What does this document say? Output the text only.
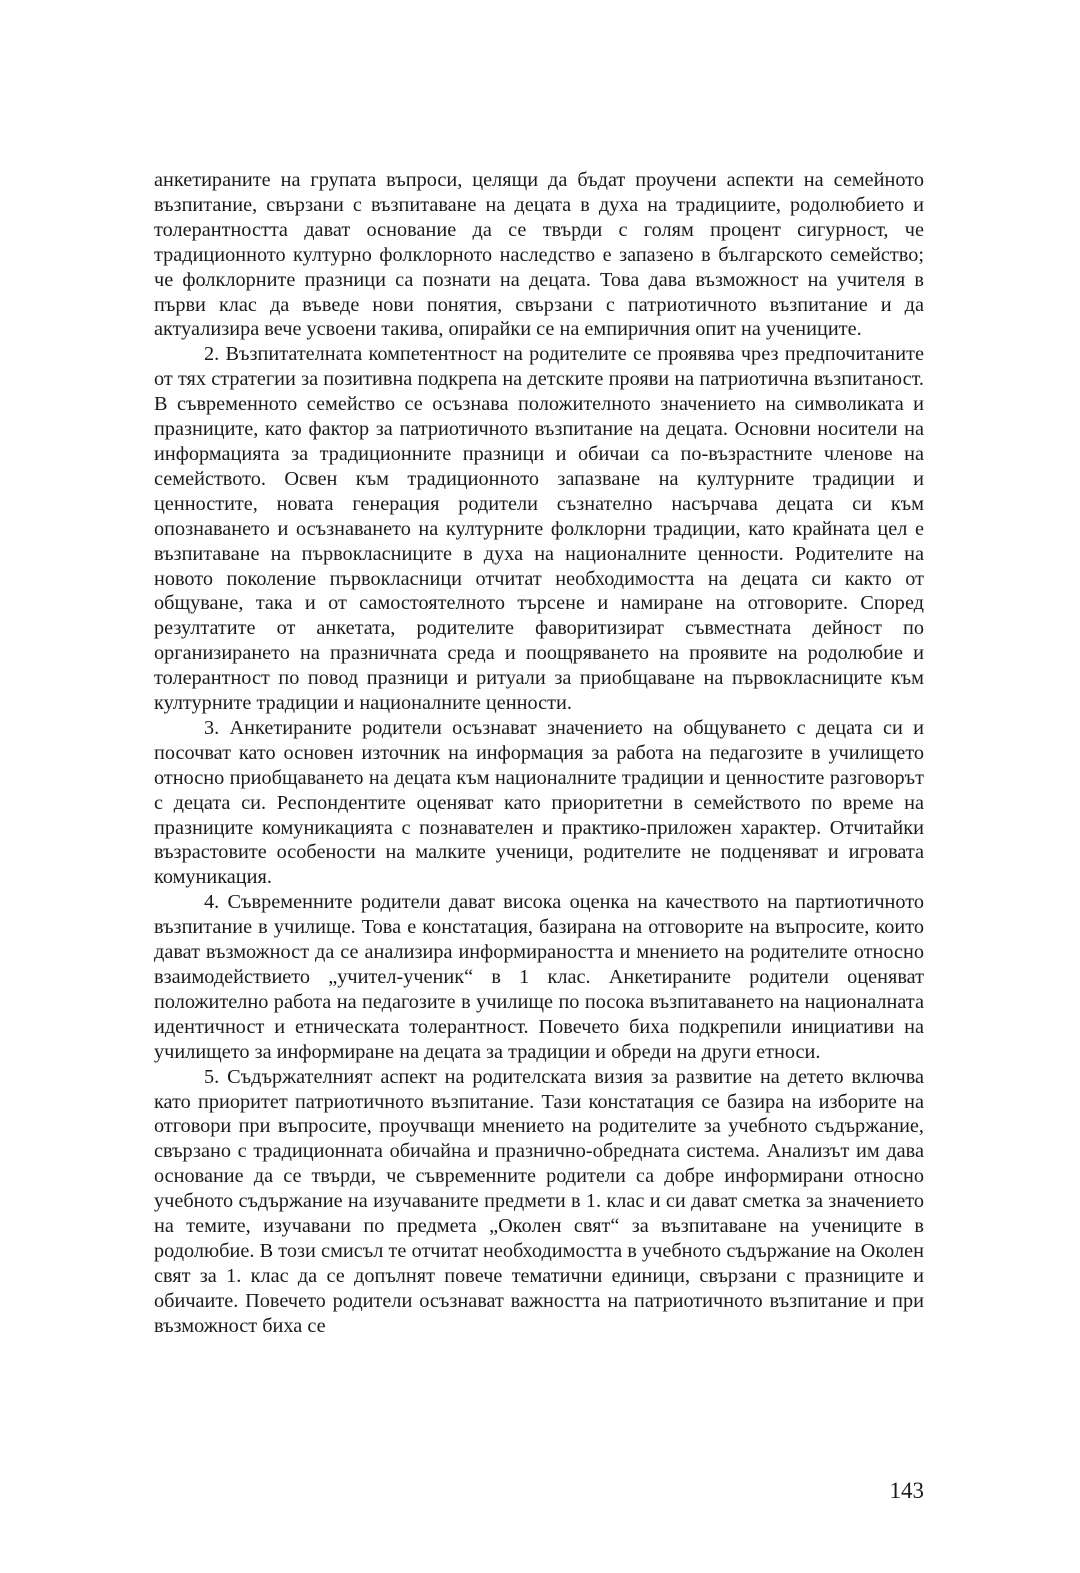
анкетираните на групата въпроси, целящи да бъдат проучени аспекти на семейното възпитание, свързани с възпитаване на децата в духа на традициите, родолюбието и толерантността дават основание да се твърди с голям процент сигурност, че традиционното културно фолклорното наследство е запазено в българското семейство; че фолклорните празници са познати на децата. Това дава възможност на учителя в първи клас да въведе нови понятия, свързани с патриотичното възпитание и да актуализира вече усвоени такива, опирайки се на емпиричния опит на учениците.

2. Възпитателната компетентност на родителите се проявява чрез предпочитаните от тях стратегии за позитивна подкрепа на детските прояви на патриотична възпитаност. В съвременното семейство се осъзнава положителното значението на символиката и празниците, като фактор за патриотичното възпитание на децата. Основни носители на информацията за традиционните празници и обичаи са по-възрастните членове на семейството. Освен към традиционното запазване на културните традиции и ценностите, новата генерация родители съзнателно насърчава децата си към опознаването и осъзнаването на културните фолклорни традиции, като крайната цел е възпитаване на първокласниците в духа на националните ценности. Родителите на новото поколение първокласници отчитат необходимостта на децата си както от общуване, така и от самостоятелното търсене и намиране на отговорите. Според резултатите от анкетата, родителите фаворитизират съвместната дейност по организирането на празничната среда и поощряването на проявите на родолюбие и толерантност по повод празници и ритуали за приобщаване на първокласниците към културните традиции и националните ценности.

3. Анкетираните родители осъзнават значението на общуването с децата си и посочват като основен източник на информация за работа на педагозите в училището относно приобщаването на децата към националните традиции и ценностите разговорът с децата си. Респондентите оценяват като приоритетни в семейството по време на празниците комуникацията с познавателен и практико-приложен характер. Отчитайки възрастовите особености на малките ученици, родителите не подценяват и игровата комуникация.

4. Съвременните родители дават висока оценка на качеството на партиотичното възпитание в училище. Това е констатация, базирана на отговорите на въпросите, които дават възможност да се анализира информираността и мнението на родителите относно взаимодействието „учител-ученик“ в 1 клас. Анкетираните родители оценяват положително работа на педагозите в училище по посока възпитаването на националната идентичност и етническата толерантност. Повечето биха подкрепили инициативи на училището за информиране на децата за традиции и обреди на други етноси.

5. Съдържателният аспект на родителската визия за развитие на детето включва като приоритет патриотичното възпитание. Тази констатация се базира на изборите на отговори при въпросите, проучващи мнението на родителите за учебното съдържание, свързано с традиционната обичайна и празнично-обредната система. Анализът им дава основание да се твърди, че съвременните родители са добре информирани относно учебното съдържание на изучаваните предмети в 1. клас и си дават сметка за значението на темите, изучавани по предмета „Околен свят“ за възпитаване на учениците в родолюбие. В този смисъл те отчитат необходимостта в учебното съдържание на Околен свят за 1. клас да се допълнят повече тематични единици, свързани с празниците и обичаите. Повечето родители осъзнават важността на патриотичното възпитание и при възможност биха се

143
